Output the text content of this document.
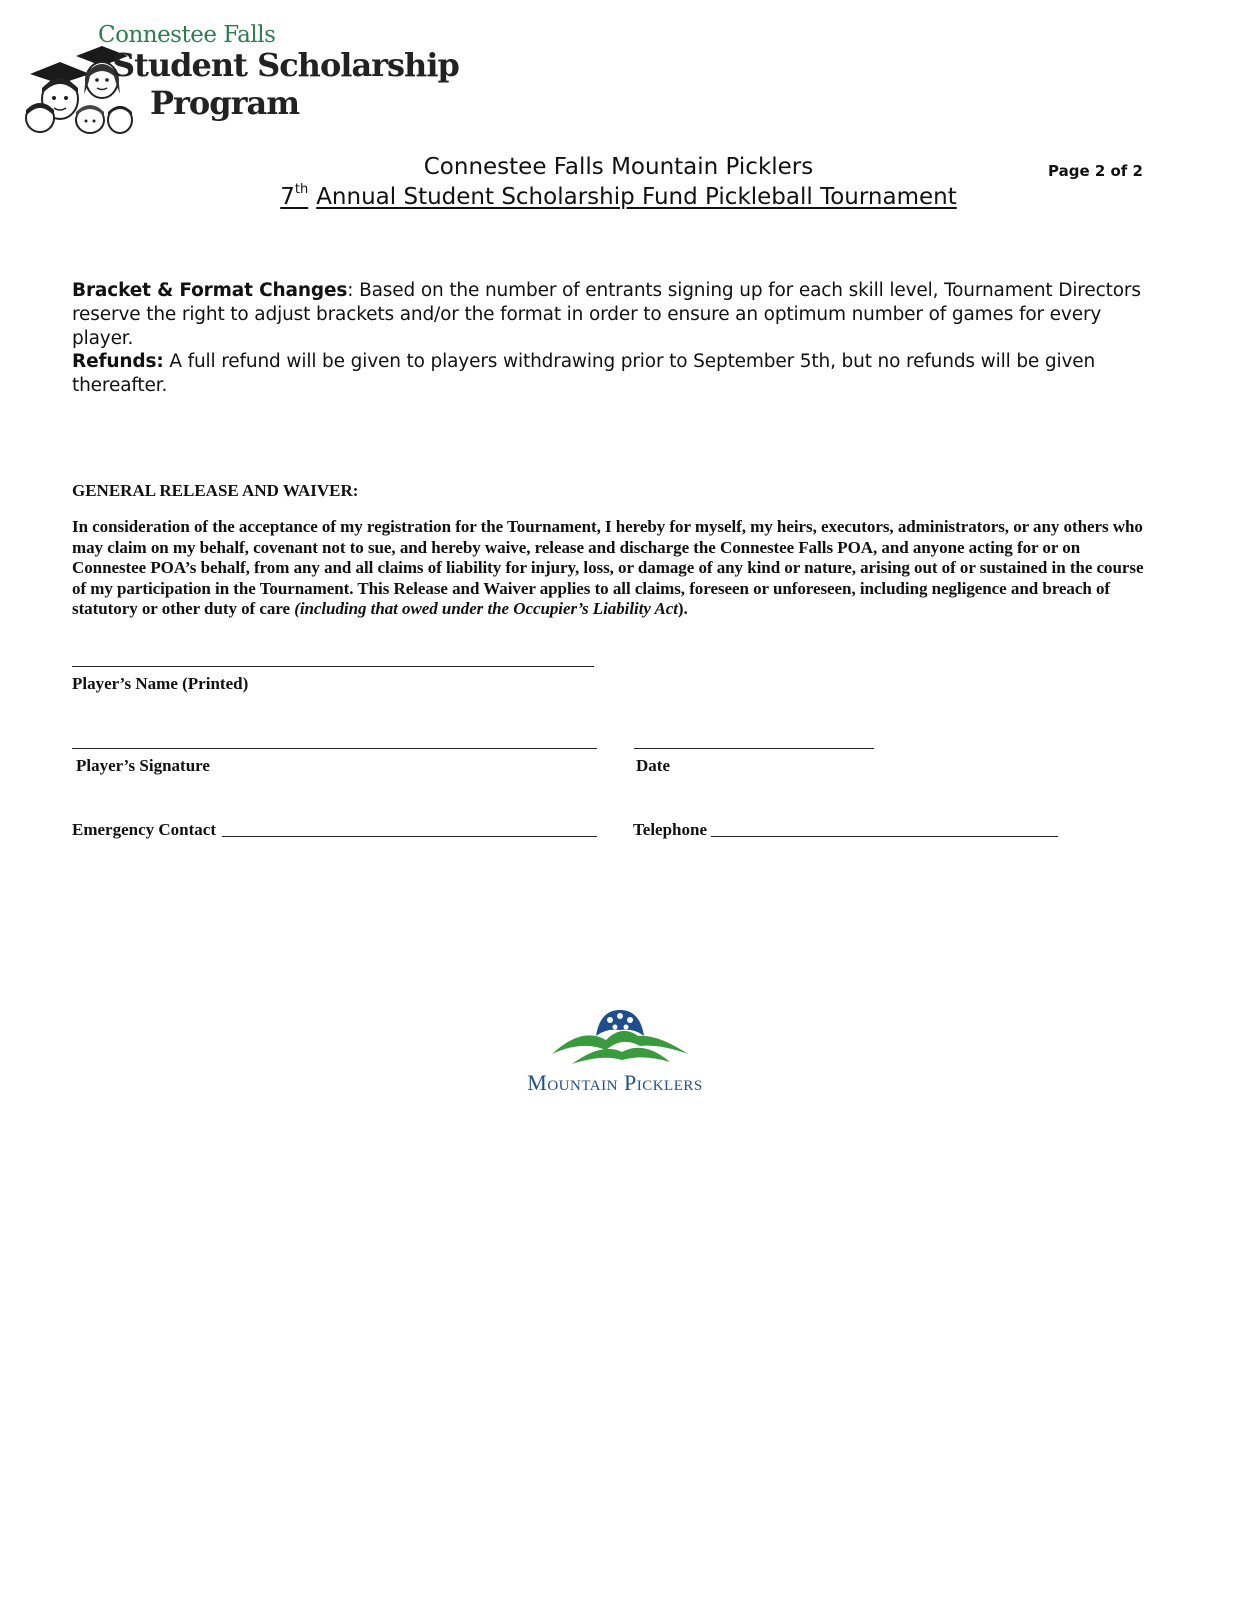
Connestee Falls
Student Scholarship
Program
Connestee Falls Mountain Picklers
7th Annual Student Scholarship Fund Pickleball Tournament
Page 2 of 2
Bracket & Format Changes: Based on the number of entrants signing up for each skill level, Tournament Directors reserve the right to adjust brackets and/or the format in order to ensure an optimum number of games for every player.
Refunds: A full refund will be given to players withdrawing prior to September 5th, but no refunds will be given thereafter.
GENERAL RELEASE AND WAIVER:
In consideration of the acceptance of my registration for the Tournament, I hereby for myself, my heirs, executors, administrators, or any others who may claim on my behalf, covenant not to sue, and hereby waive, release and discharge the Connestee Falls POA, and anyone acting for or on Connestee POA’s behalf, from any and all claims of liability for injury, loss, or damage of any kind or nature, arising out of or sustained in the course of my participation in the Tournament. This Release and Waiver applies to all claims, foreseen or unforeseen, including negligence and breach of statutory or other duty of care (including that owed under the Occupier’s Liability Act).
Player’s Name (Printed)
Player’s Signature	Date
Emergency Contact	Telephone
Mountain Picklers
